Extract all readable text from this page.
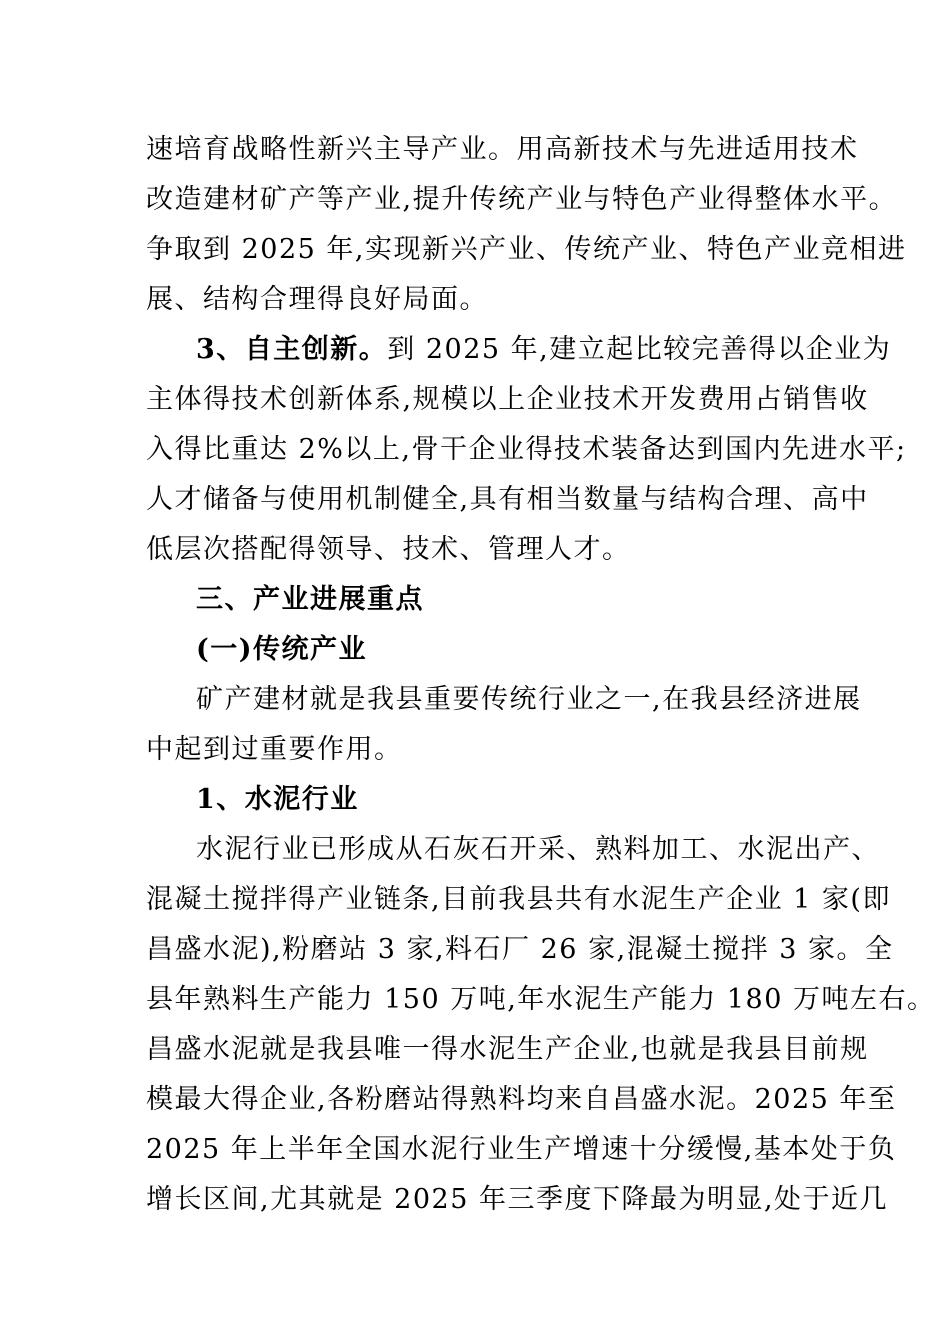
速培育战略性新兴主导产业。用高新技术与先进适用技术
改造建材矿产等产业,提升传统产业与特色产业得整体水平。
争取到 2025 年,实现新兴产业、传统产业、特色产业竞相进
展、结构合理得良好局面。
3、自主创新。到 2025 年,建立起比较完善得以企业为
主体得技术创新体系,规模以上企业技术开发费用占销售收
入得比重达 2%以上,骨干企业得技术装备达到国内先进水平;
人才储备与使用机制健全,具有相当数量与结构合理、高中
低层次搭配得领导、技术、管理人才。
三、产业进展重点
(一)传统产业
矿产建材就是我县重要传统行业之一,在我县经济进展
中起到过重要作用。
1、水泥行业
水泥行业已形成从石灰石开采、熟料加工、水泥出产、
混凝土搅拌得产业链条,目前我县共有水泥生产企业 1 家(即
昌盛水泥),粉磨站 3 家,料石厂 26 家,混凝土搅拌 3 家。全
县年熟料生产能力 150 万吨,年水泥生产能力 180 万吨左右。
昌盛水泥就是我县唯一得水泥生产企业,也就是我县目前规
模最大得企业,各粉磨站得熟料均来自昌盛水泥。2025 年至
2025 年上半年全国水泥行业生产增速十分缓慢,基本处于负
增长区间,尤其就是 2025 年三季度下降最为明显,处于近几
